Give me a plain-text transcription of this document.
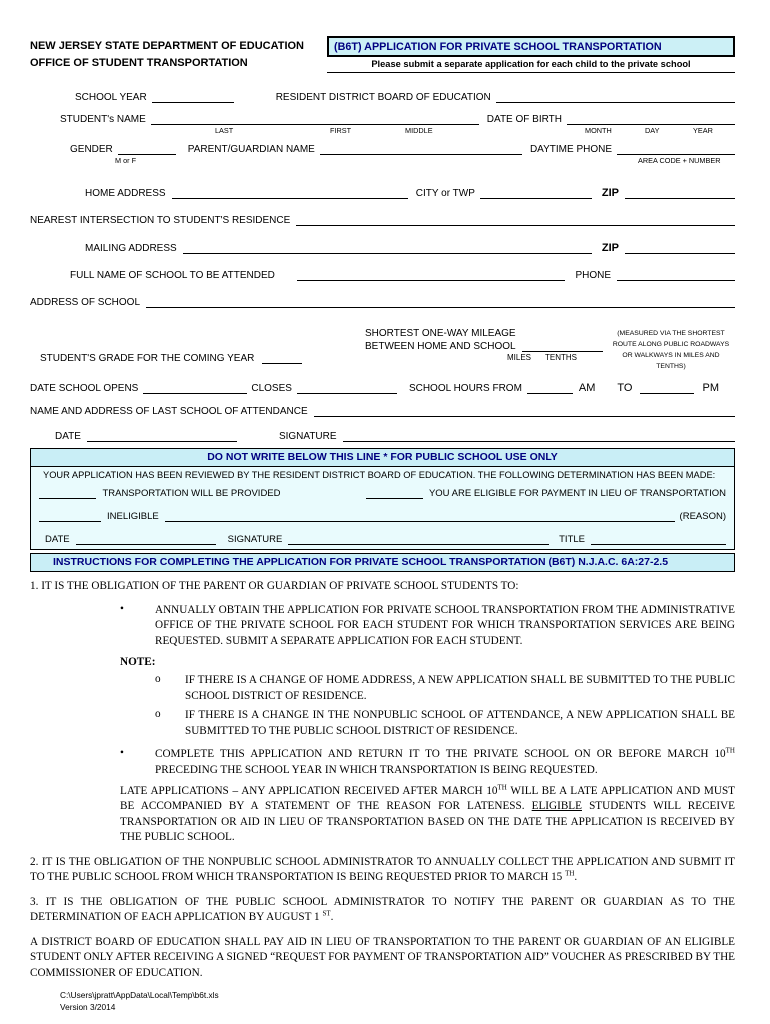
NEW JERSEY STATE DEPARTMENT OF EDUCATION
OFFICE OF STUDENT TRANSPORTATION
(B6T) APPLICATION FOR PRIVATE SCHOOL TRANSPORTATION
Please submit a separate application for each child to the private school
SCHOOL YEAR	RESIDENT DISTRICT BOARD OF EDUCATION
STUDENT's NAME	DATE OF BIRTH
LAST	FIRST	MIDDLE	MONTH	DAY	YEAR
GENDER	PARENT/GUARDIAN NAME	DAYTIME PHONE
M or F	AREA CODE + NUMBER
HOME ADDRESS	CITY or TWP	ZIP
NEAREST INTERSECTION TO STUDENT'S RESIDENCE
MAILING ADDRESS	ZIP
FULL NAME OF SCHOOL TO BE ATTENDED	PHONE
ADDRESS OF SCHOOL
STUDENT'S GRADE FOR THE COMING YEAR
SHORTEST ONE-WAY MILEAGE
BETWEEN HOME AND SCHOOL
MILES TENTHS
(MEASURED VIA THE SHORTEST ROUTE ALONG PUBLIC ROADWAYS OR WALKWAYS IN MILES AND TENTHS)
DATE SCHOOL OPENS	CLOSES	SCHOOL HOURS FROM	AM TO	PM
NAME AND ADDRESS OF LAST SCHOOL OF ATTENDANCE
DATE	SIGNATURE
DO NOT WRITE BELOW THIS LINE * FOR PUBLIC SCHOOL USE ONLY
YOUR APPLICATION HAS BEEN REVIEWED BY THE RESIDENT DISTRICT BOARD OF EDUCATION. THE FOLLOWING DETERMINATION HAS BEEN MADE:
TRANSPORTATION WILL BE PROVIDED	YOU ARE ELIGIBLE FOR PAYMENT IN LIEU OF TRANSPORTATION
INELIGIBLE	(REASON)
DATE	SIGNATURE	TITLE
INSTRUCTIONS FOR COMPLETING THE APPLICATION FOR PRIVATE SCHOOL TRANSPORTATION (B6T) N.J.A.C. 6A:27-2.5
1. IT IS THE OBLIGATION OF THE PARENT OR GUARDIAN OF PRIVATE SCHOOL STUDENTS TO:
•	ANNUALLY OBTAIN THE APPLICATION FOR PRIVATE SCHOOL TRANSPORTATION FROM THE ADMINISTRATIVE OFFICE OF THE PRIVATE SCHOOL FOR EACH STUDENT FOR WHICH TRANSPORTATION SERVICES ARE BEING REQUESTED. SUBMIT A SEPARATE APPLICATION FOR EACH STUDENT.
NOTE:
o	IF THERE IS A CHANGE OF HOME ADDRESS, A NEW APPLICATION SHALL BE SUBMITTED TO THE PUBLIC SCHOOL DISTRICT OF RESIDENCE.
o	IF THERE IS A CHANGE IN THE NONPUBLIC SCHOOL OF ATTENDANCE, A NEW APPLICATION SHALL BE SUBMITTED TO THE PUBLIC SCHOOL DISTRICT OF RESIDENCE.
•	COMPLETE THIS APPLICATION AND RETURN IT TO THE PRIVATE SCHOOL ON OR BEFORE MARCH 10TH PRECEDING THE SCHOOL YEAR IN WHICH TRANSPORTATION IS BEING REQUESTED.
LATE APPLICATIONS – ANY APPLICATION RECEIVED AFTER MARCH 10TH WILL BE A LATE APPLICATION AND MUST BE ACCOMPANIED BY A STATEMENT OF THE REASON FOR LATENESS. ELIGIBLE STUDENTS WILL RECEIVE TRANSPORTATION OR AID IN LIEU OF TRANSPORTATION BASED ON THE DATE THE APPLICATION IS RECEIVED BY THE PUBLIC SCHOOL.
2. IT IS THE OBLIGATION OF THE NONPUBLIC SCHOOL ADMINISTRATOR TO ANNUALLY COLLECT THE APPLICATION AND SUBMIT IT TO THE PUBLIC SCHOOL FROM WHICH TRANSPORTATION IS BEING REQUESTED PRIOR TO MARCH 15 $^{TH}$.
3. IT IS THE OBLIGATION OF THE PUBLIC SCHOOL ADMINISTRATOR TO NOTIFY THE PARENT OR GUARDIAN AS TO THE DETERMINATION OF EACH APPLICATION BY AUGUST 1 $^{ST}$.
A DISTRICT BOARD OF EDUCATION SHALL PAY AID IN LIEU OF TRANSPORTATION TO THE PARENT OR GUARDIAN OF AN ELIGIBLE STUDENT ONLY AFTER RECEIVING A SIGNED “REQUEST FOR PAYMENT OF TRANSPORTATION AID” VOUCHER AS PRESCRIBED BY THE COMMISSIONER OF EDUCATION.
C:\Users\jpratt\AppData\Local\Temp\b6t.xls
Version 3/2014
